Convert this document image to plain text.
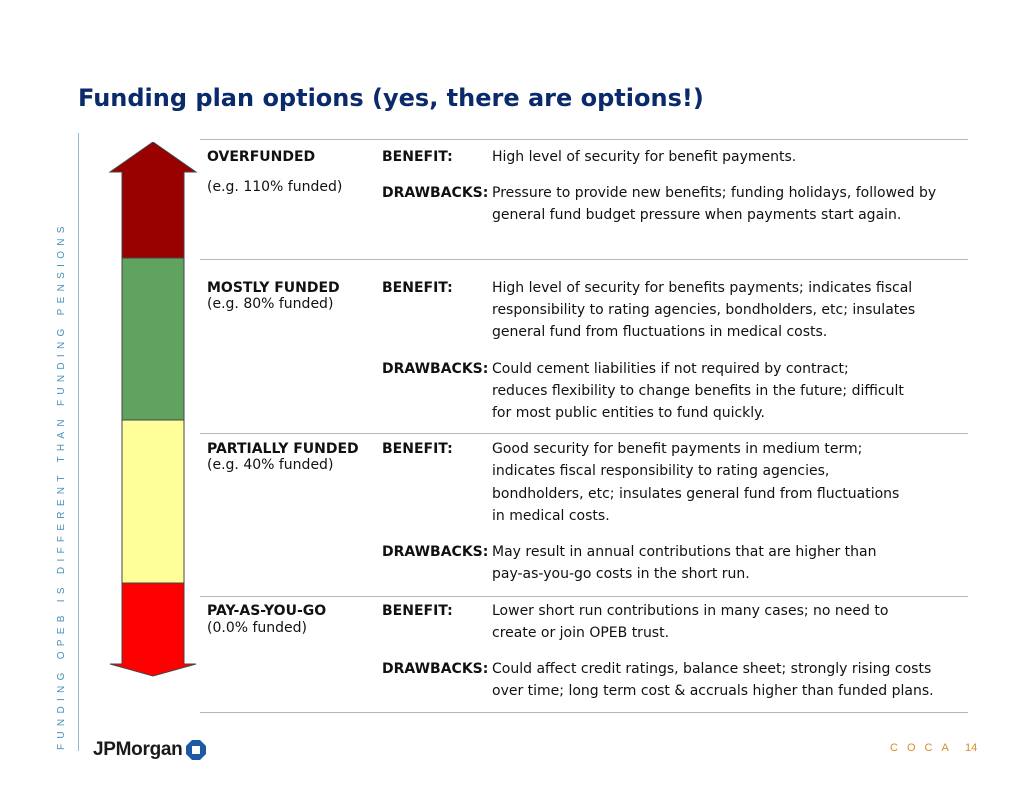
Funding plan options (yes, there are options!)
FUNDING OPEB IS DIFFERENT THAN FUNDING PENSIONS
OVERFUNDED
(e.g. 110% funded)
BENEFIT:	High level of security for benefit payments.
DRAWBACKS: Pressure to provide new benefits; funding holidays, followed by
general fund budget pressure when payments start again.
MOSTLY FUNDED
(e.g. 80% funded)
BENEFIT:	High level of security for benefits payments; indicates fiscal
responsibility to rating agencies, bondholders, etc; insulates
general fund from fluctuations in medical costs.
DRAWBACKS: Could cement liabilities if not required by contract;
reduces flexibility to change benefits in the future; difficult
for most public entities to fund quickly.
PARTIALLY FUNDED
(e.g. 40% funded)
BENEFIT:	Good security for benefit payments in medium term;
indicates fiscal responsibility to rating agencies,
bondholders, etc; insulates general fund from fluctuations
in medical costs.
DRAWBACKS: May result in annual contributions that are higher than
pay-as-you-go costs in the short run.
PAY-AS-YOU-GO
(0.0% funded)
BENEFIT:	Lower short run contributions in many cases; no need to
create or join OPEB trust.
DRAWBACKS: Could affect credit ratings, balance sheet; strongly rising costs
over time; long term cost & accruals higher than funded plans.
JPMorgan	COCA 14
